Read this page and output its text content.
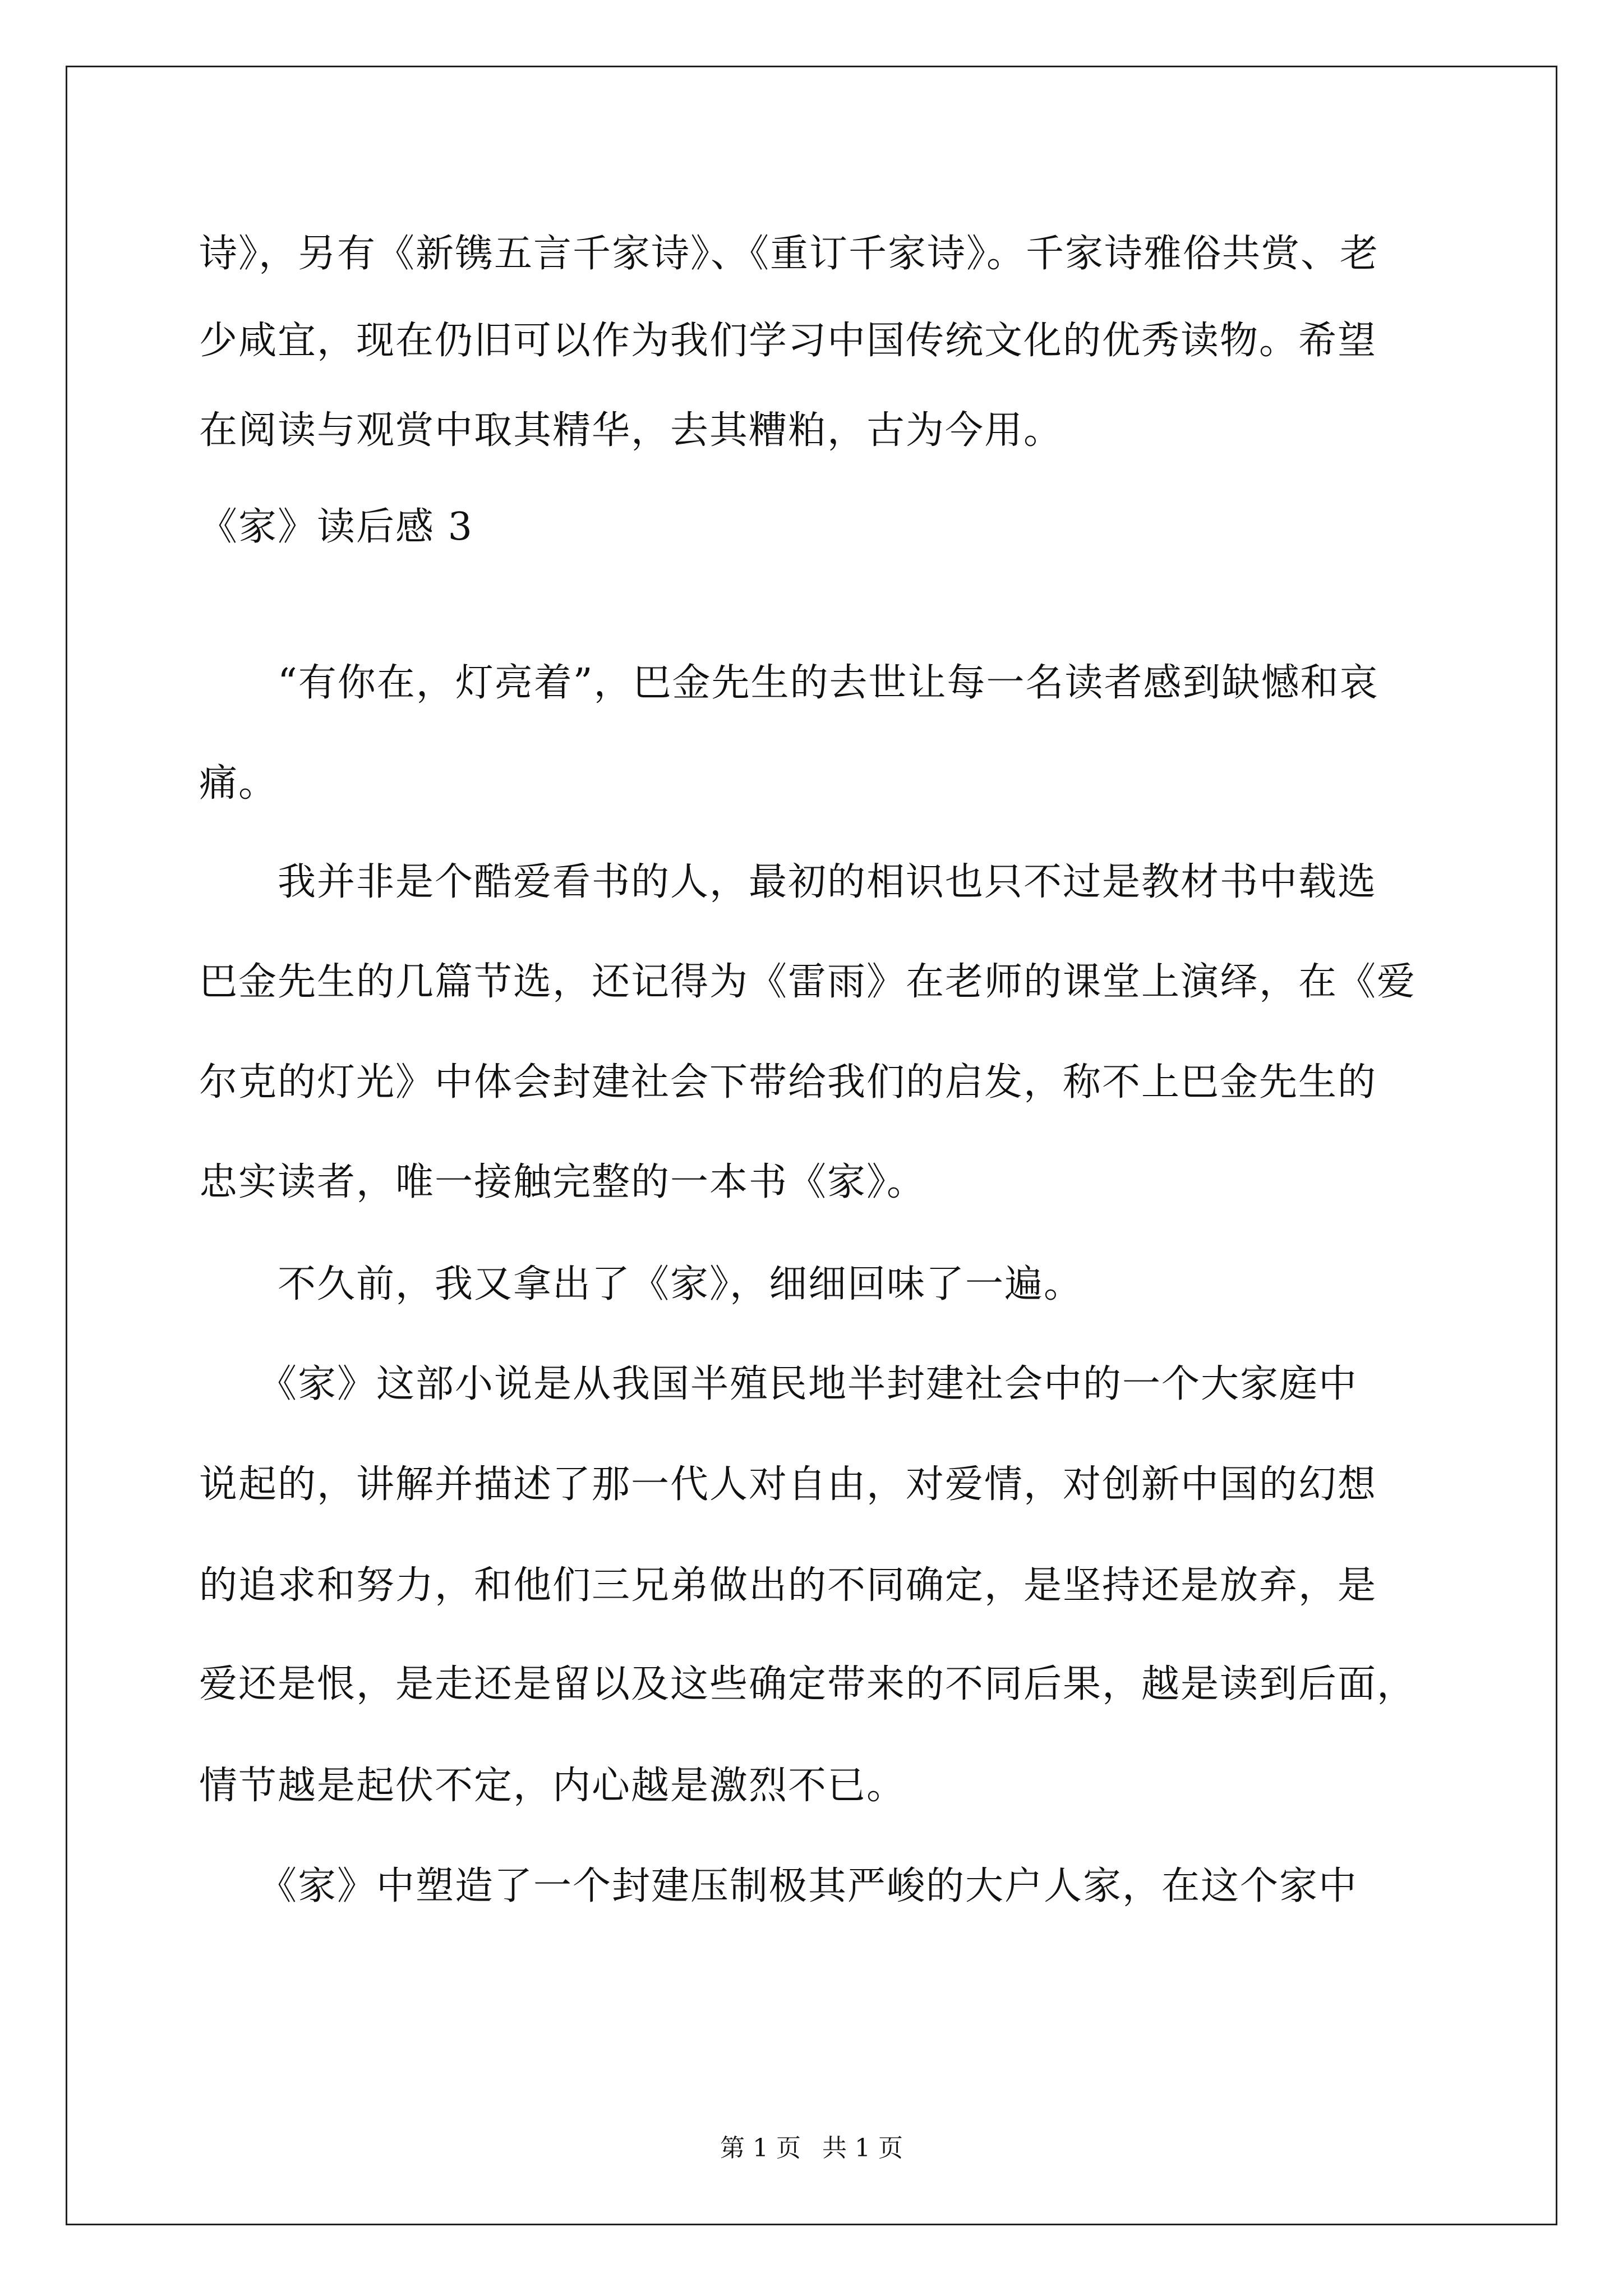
诗》，另有《新镌五言千家诗》、《重订千家诗》。千家诗雅俗共赏、老
少咸宜，现在仍旧可以作为我们学习中国传统文化的优秀读物。希望
在阅读与观赏中取其精华，去其糟粕，古为今用。
《家》读后感 3
　　“有你在，灯亮着”，巴金先生的去世让每一名读者感到缺憾和哀
痛。
　　我并非是个酷爱看书的人，最初的相识也只不过是教材书中载选
巴金先生的几篇节选，还记得为《雷雨》在老师的课堂上演绎，在《爱
尔克的灯光》中体会封建社会下带给我们的启发，称不上巴金先生的
忠实读者，唯一接触完整的一本书《家》。
　　不久前，我又拿出了《家》，细细回味了一遍。
　　《家》这部小说是从我国半殖民地半封建社会中的一个大家庭中
说起的，讲解并描述了那一代人对自由，对爱情，对创新中国的幻想
的追求和努力，和他们三兄弟做出的不同确定，是坚持还是放弃，是
爱还是恨，是走还是留以及这些确定带来的不同后果，越是读到后面，
情节越是起伏不定，内心越是激烈不已。
　　《家》中塑造了一个封建压制极其严峻的大户人家，在这个家中
第 1 页 共 1 页
